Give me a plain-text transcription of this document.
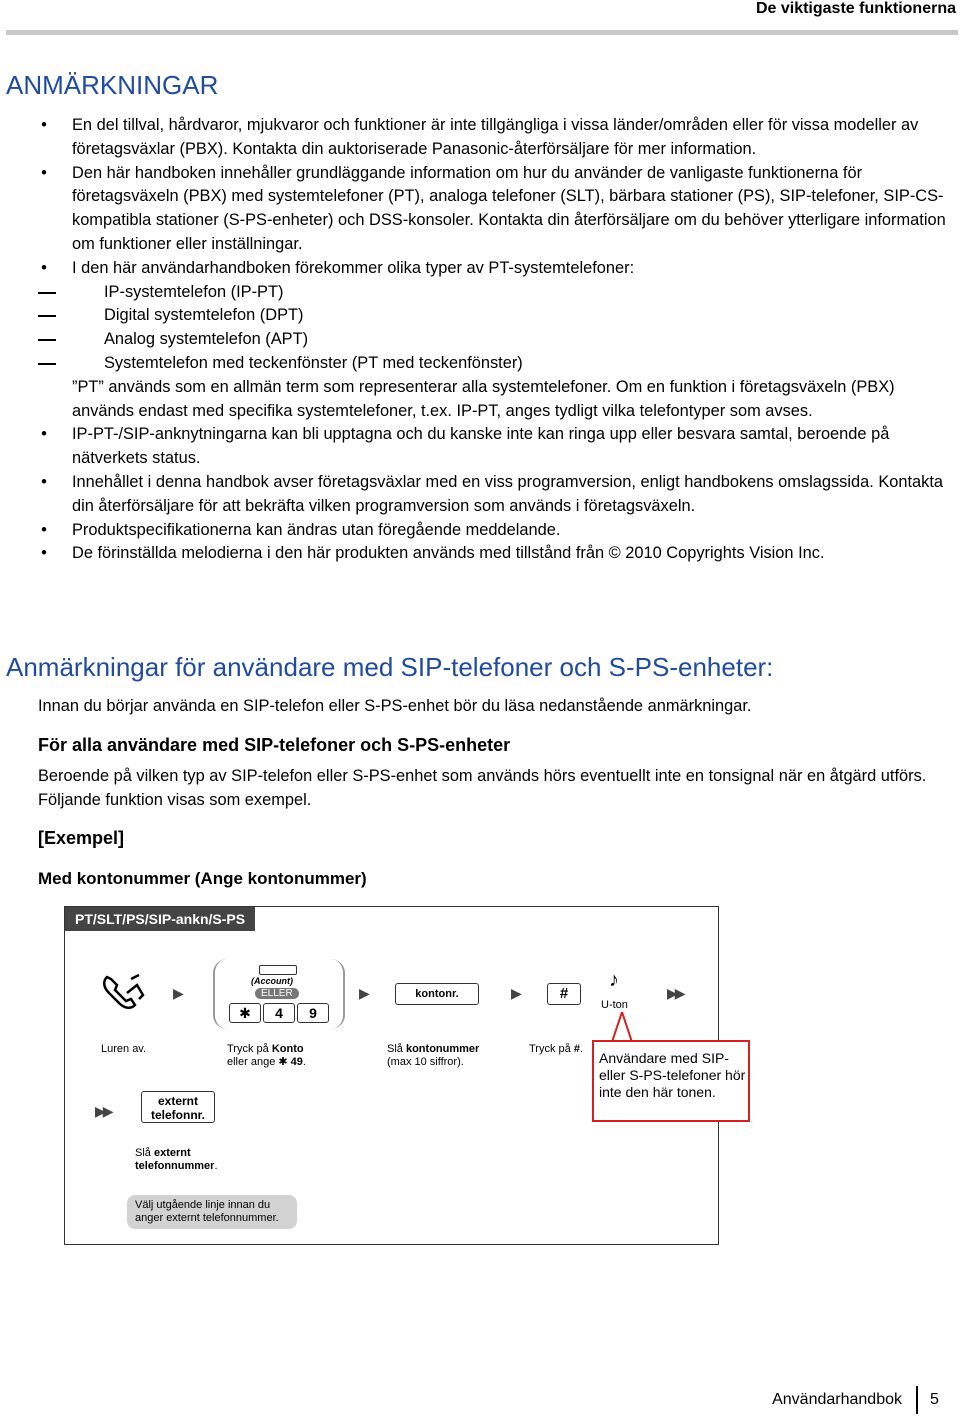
De viktigaste funktionerna
ANMÄRKNINGAR
• En del tillval, hårdvaror, mjukvaror och funktioner är inte tillgängliga i vissa länder/områden eller för vissa modeller av företagsväxlar (PBX). Kontakta din auktoriserade Panasonic-återförsäljare för mer information.
• Den här handboken innehåller grundläggande information om hur du använder de vanligaste funktionerna för företagsväxeln (PBX) med systemtelefoner (PT), analoga telefoner (SLT), bärbara stationer (PS), SIP-telefoner, SIP-CS-kompatibla stationer (S-PS-enheter) och DSS-konsoler. Kontakta din återförsäljare om du behöver ytterligare information om funktioner eller inställningar.
• I den här användarhandboken förekommer olika typer av PT-systemtelefoner:
IP-systemtelefon (IP-PT)
Digital systemtelefon (DPT)
Analog systemtelefon (APT)
Systemtelefon med teckenfönster (PT med teckenfönster)
”PT” används som en allmän term som representerar alla systemtelefoner. Om en funktion i företagsväxeln (PBX) används endast med specifika systemtelefoner, t.ex. IP-PT, anges tydligt vilka telefontyper som avses.
• IP-PT-/SIP-anknytningarna kan bli upptagna och du kanske inte kan ringa upp eller besvara samtal, beroende på nätverkets status.
• Innehållet i denna handbok avser företagsväxlar med en viss programversion, enligt handbokens omslagssida. Kontakta din återförsäljare för att bekräfta vilken programversion som används i företagsväxeln.
• Produktspecifikationerna kan ändras utan föregående meddelande.
• De förinställda melodierna i den här produkten används med tillstånd från © 2010 Copyrights Vision Inc.
Anmärkningar för användare med SIP-telefoner och S-PS-enheter:
Innan du börjar använda en SIP-telefon eller S-PS-enhet bör du läsa nedanstående anmärkningar.
För alla användare med SIP-telefoner och S-PS-enheter
Beroende på vilken typ av SIP-telefon eller S-PS-enhet som används hörs eventuellt inte en tonsignal när en åtgärd utförs. Följande funktion visas som exempel.
[Exempel]
Med kontonummer (Ange kontonummer)
PT/SLT/PS/SIP-ankn/S-PS
▶
(Account)
ELLER
✱	4	9
▶	kontonr.	▶	#
♪
U-ton
▶▶
Luren av.	Tryck på Konto
eller ange ✱ 49.
Slå kontonummer
(max 10 siffror).
Tryck på #.
▶▶
externt telefonnr.
Slå externt
telefonnummer.
Välj utgående linje innan du anger externt telefonnummer.
Användare med SIP-eller S-PS-telefoner hör inte den här tonen.
Användarhandbok 5
